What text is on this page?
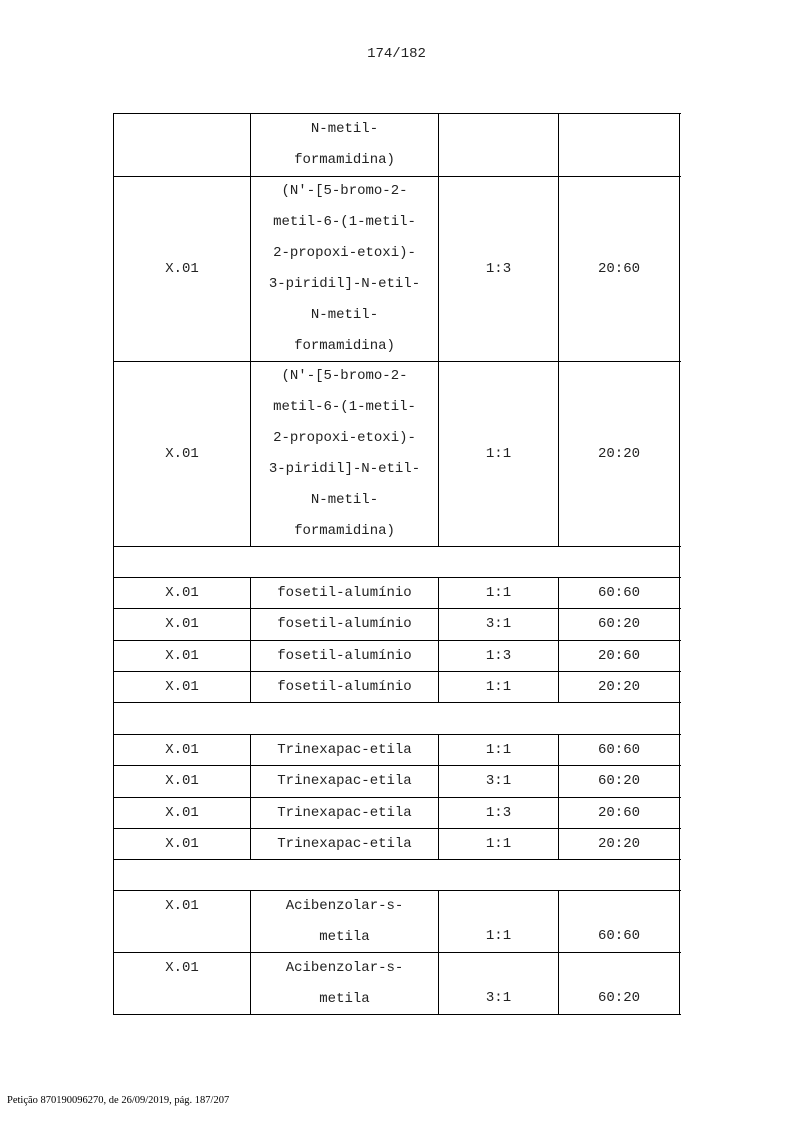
174/182
N-metil-
formamidina)
X.01
(N'-[5-bromo-2-
metil-6-(1-metil-
2-propoxi-etoxi)-
3-piridil]-N-etil-
N-metil-
formamidina)
1:3	20:60
X.01
(N'-[5-bromo-2-
metil-6-(1-metil-
2-propoxi-etoxi)-
3-piridil]-N-etil-
N-metil-
formamidina)
1:1	20:20
X.01	fosetil-alumínio	1:1	60:60
X.01	fosetil-alumínio	3:1	60:20
X.01	fosetil-alumínio	1:3	20:60
X.01	fosetil-alumínio	1:1	20:20
X.01	Trinexapac-etila	1:1	60:60
X.01	Trinexapac-etila	3:1	60:20
X.01	Trinexapac-etila	1:3	20:60
X.01	Trinexapac-etila	1:1	20:20
X.01	Acibenzolar-s-
metila	1:1	60:60
X.01	Acibenzolar-s-
metila	3:1	60:20
Petição 870190096270, de 26/09/2019, pág. 187/207
